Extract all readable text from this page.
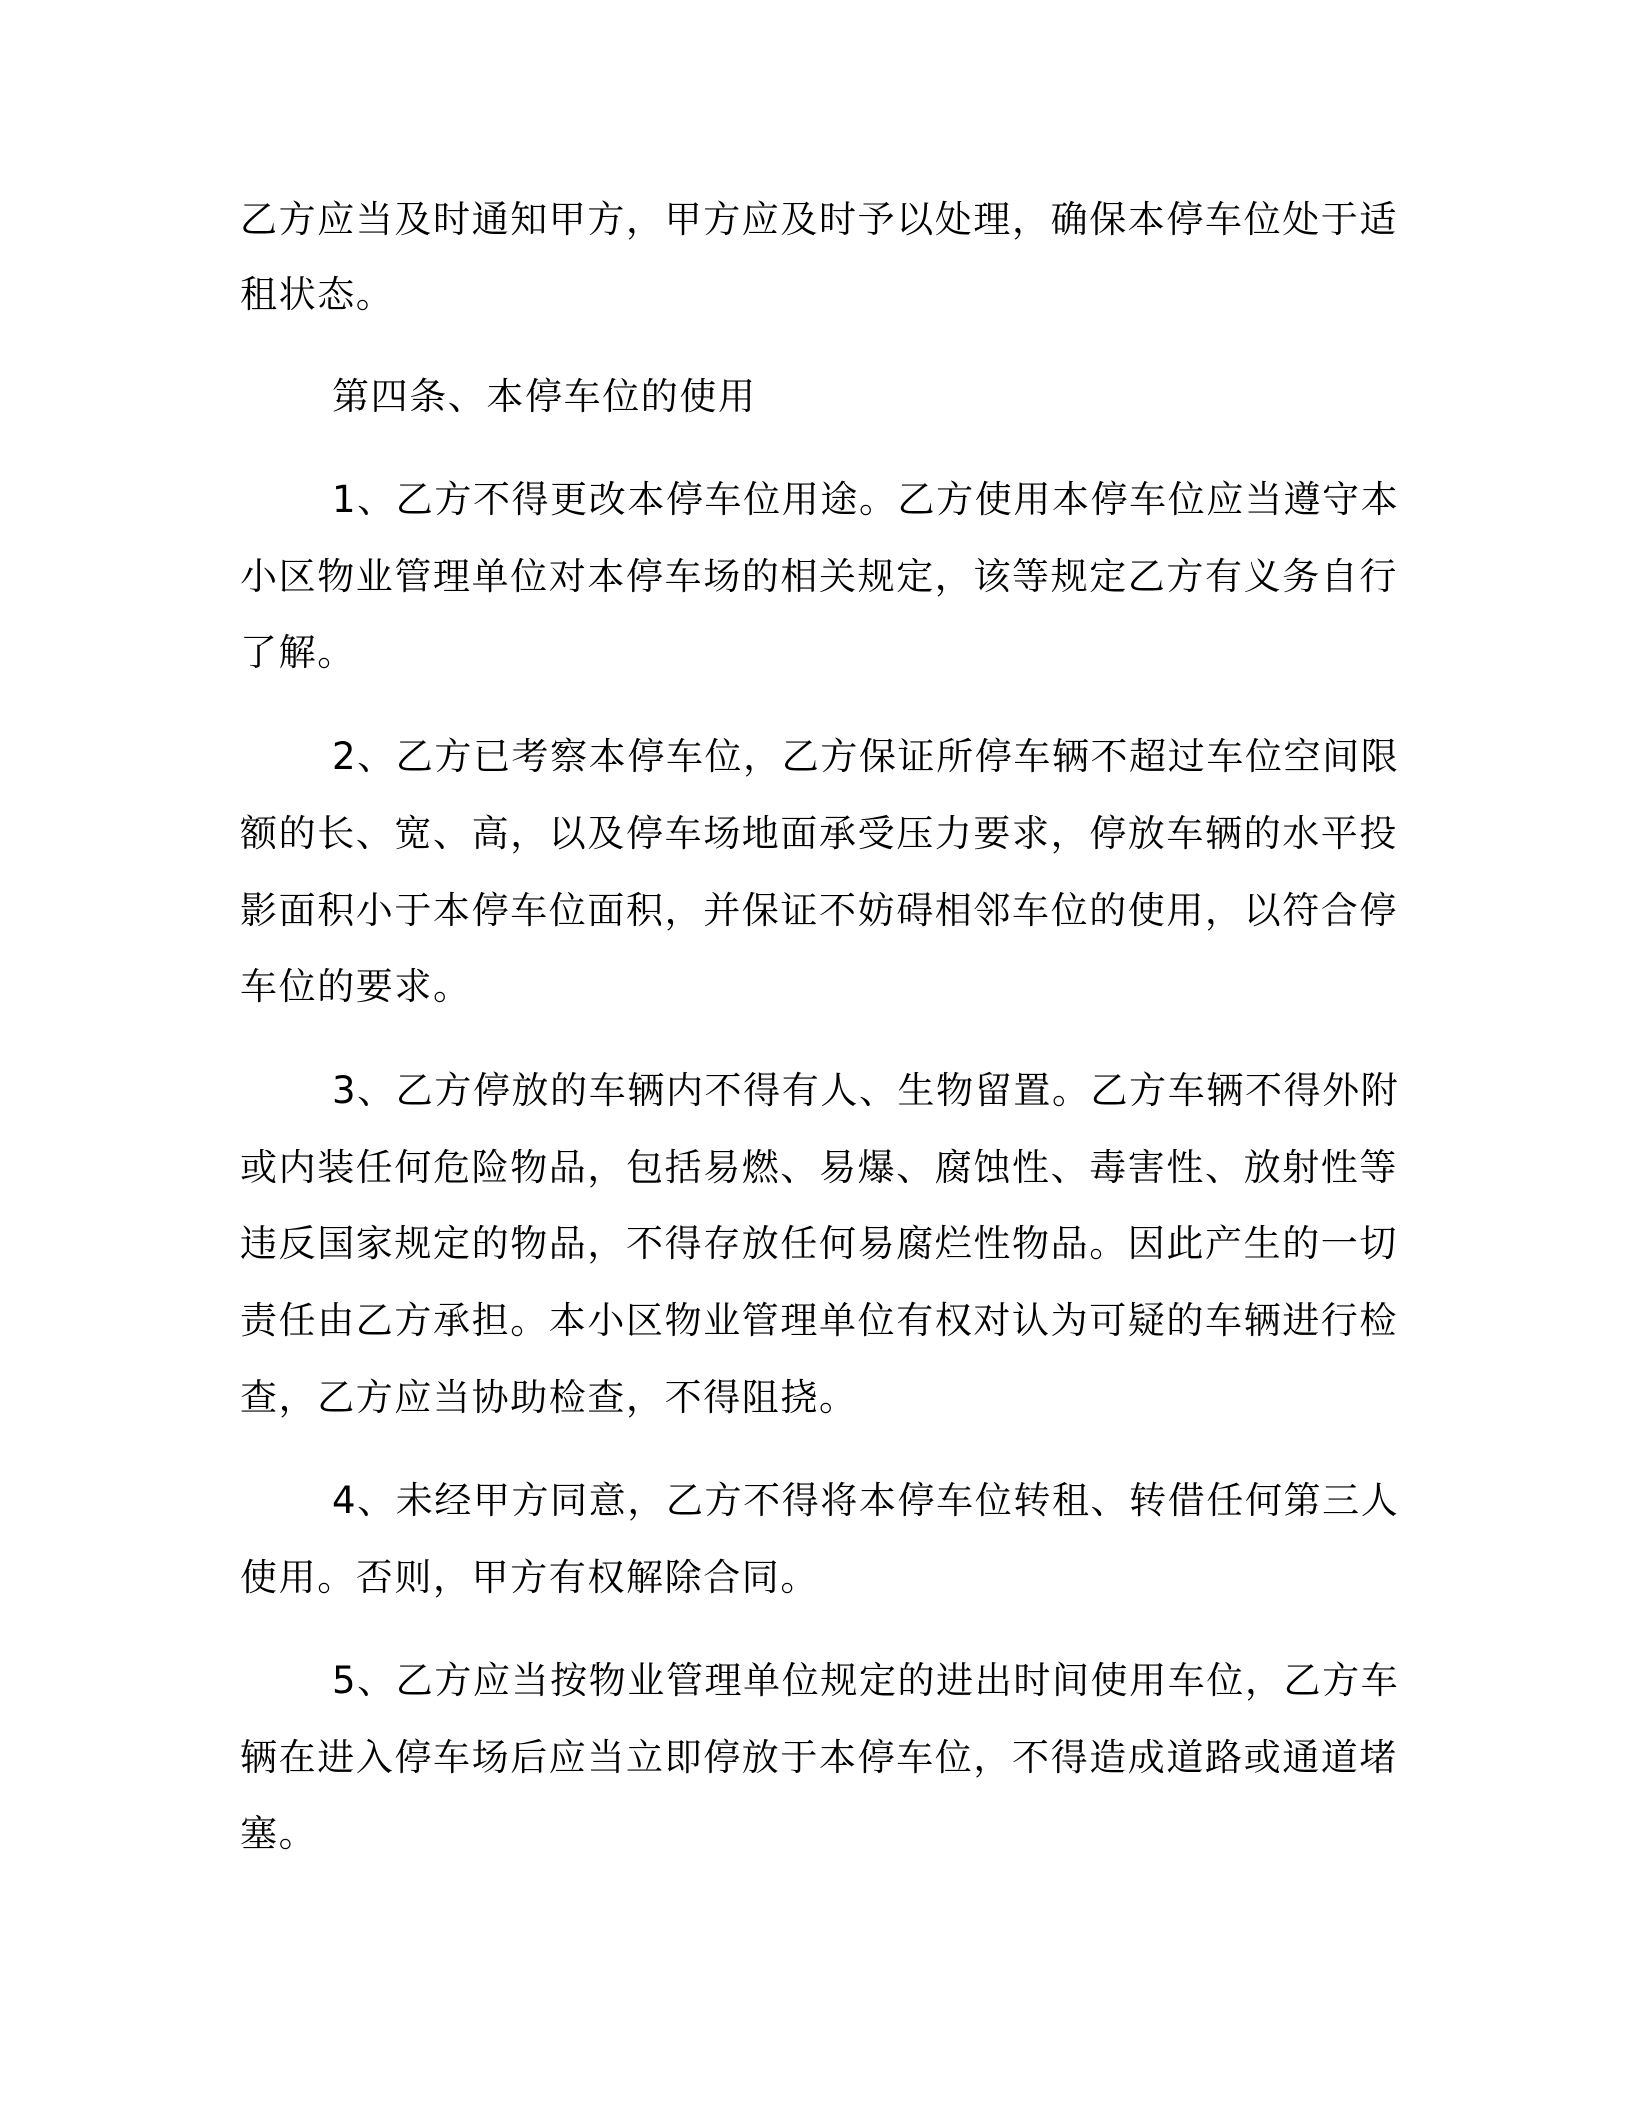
乙方应当及时通知甲方，甲方应及时予以处理，确保本停车位处于适

租状态。

第四条、本停车位的使用

1、乙方不得更改本停车位用途。乙方使用本停车位应当遵守本

小区物业管理单位对本停车场的相关规定，该等规定乙方有义务自行

了解。

2、乙方已考察本停车位，乙方保证所停车辆不超过车位空间限

额的长、宽、高，以及停车场地面承受压力要求，停放车辆的水平投

影面积小于本停车位面积，并保证不妨碍相邻车位的使用，以符合停

车位的要求。

3、乙方停放的车辆内不得有人、生物留置。乙方车辆不得外附

或内装任何危险物品，包括易燃、易爆、腐蚀性、毒害性、放射性等

违反国家规定的物品，不得存放任何易腐烂性物品。因此产生的一切

责任由乙方承担。本小区物业管理单位有权对认为可疑的车辆进行检

查，乙方应当协助检查，不得阻挠。

4、未经甲方同意，乙方不得将本停车位转租、转借任何第三人

使用。否则，甲方有权解除合同。

5、乙方应当按物业管理单位规定的进出时间使用车位，乙方车

辆在进入停车场后应当立即停放于本停车位，不得造成道路或通道堵

塞。
